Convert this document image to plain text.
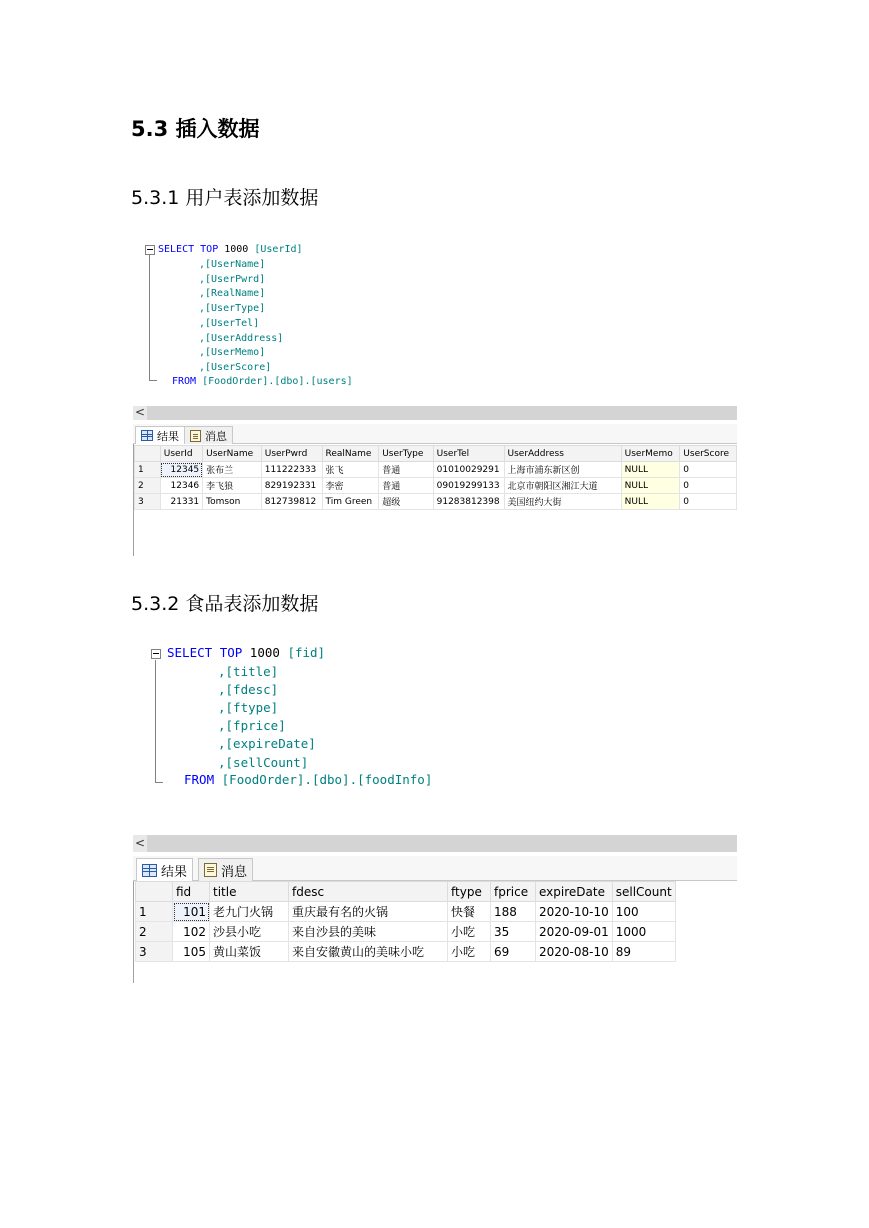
5.3 插入数据
5.3.1 用户表添加数据
5.3.2 食品表添加数据

SELECT TOP 1000 [UserId]

,[UserName]
,[UserPwrd]
,[RealName]
,[UserType]
,[UserTel]
,[UserAddress]
,[UserMemo]
,[UserScore]

FROM [FoodOrder].[dbo].[users]

<
结果 消息
	UserId	UserName	UserPwrd	RealName	UserType	UserTel	UserAddress	UserMemo	UserScore
1	12345	张布兰	111222333	张飞	普通	01010029291	上海市浦东新区创	NULL	0
2	12346	李飞狼	829192331	李密	普通	09019299133	北京市朝阳区湘江大道	NULL	0
3	21331	Tomson	812739812	Tim Green	超级	91283812398	美国纽约大街	NULL	0

SELECT TOP 1000 [fid]

,[title]
,[fdesc]
,[ftype]
,[fprice]
,[expireDate]
,[sellCount]

FROM [FoodOrder].[dbo].[foodInfo]

<
结果	消息
	fid	title	fdesc	ftype	fprice	expireDate	sellCount
1	101	老九门火锅	重庆最有名的火锅	快餐	188	2020-10-10	100
2	102	沙县小吃	来自沙县的美味	小吃	35	2020-09-01	1000
3	105	黄山菜饭	来自安徽黄山的美味小吃	小吃	69	2020-08-10	89
